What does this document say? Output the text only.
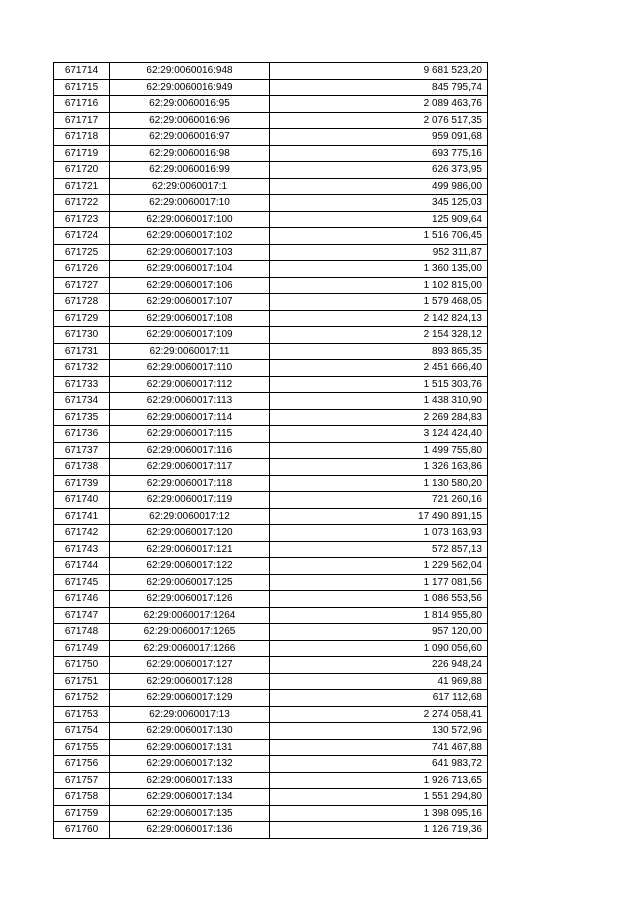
671714	62:29:0060016:948	9 681 523,20
671715	62:29:0060016:949	845 795,74
671716	62:29:0060016:95	2 089 463,76
671717	62:29:0060016:96	2 076 517,35
671718	62:29:0060016:97	959 091,68
671719	62:29:0060016:98	693 775,16
671720	62:29:0060016:99	626 373,95
671721	62:29:0060017:1	499 986,00
671722	62:29:0060017:10	345 125,03
671723	62:29:0060017:100	125 909,64
671724	62:29:0060017:102	1 516 706,45
671725	62:29:0060017:103	952 311,87
671726	62:29:0060017:104	1 360 135,00
671727	62:29:0060017:106	1 102 815,00
671728	62:29:0060017:107	1 579 468,05
671729	62:29:0060017:108	2 142 824,13
671730	62:29:0060017:109	2 154 328,12
671731	62:29:0060017:11	893 865,35
671732	62:29:0060017:110	2 451 666,40
671733	62:29:0060017:112	1 515 303,76
671734	62:29:0060017:113	1 438 310,90
671735	62:29:0060017:114	2 269 284,83
671736	62:29:0060017:115	3 124 424,40
671737	62:29:0060017:116	1 499 755,80
671738	62:29:0060017:117	1 326 163,86
671739	62:29:0060017:118	1 130 580,20
671740	62:29:0060017:119	721 260,16
671741	62:29:0060017:12	17 490 891,15
671742	62:29:0060017:120	1 073 163,93
671743	62:29:0060017:121	572 857,13
671744	62:29:0060017:122	1 229 562,04
671745	62:29:0060017:125	1 177 081,56
671746	62:29:0060017:126	1 086 553,56
671747	62:29:0060017:1264	1 814 955,80
671748	62:29:0060017:1265	957 120,00
671749	62:29:0060017:1266	1 090 056,60
671750	62:29:0060017:127	226 948,24
671751	62:29:0060017:128	41 969,88
671752	62:29:0060017:129	617 112,68
671753	62:29:0060017:13	2 274 058,41
671754	62:29:0060017:130	130 572,96
671755	62:29:0060017:131	741 467,88
671756	62:29:0060017:132	641 983,72
671757	62:29:0060017:133	1 926 713,65
671758	62:29:0060017:134	1 551 294,80
671759	62:29:0060017:135	1 398 095,16
671760	62:29:0060017:136	1 126 719,36
